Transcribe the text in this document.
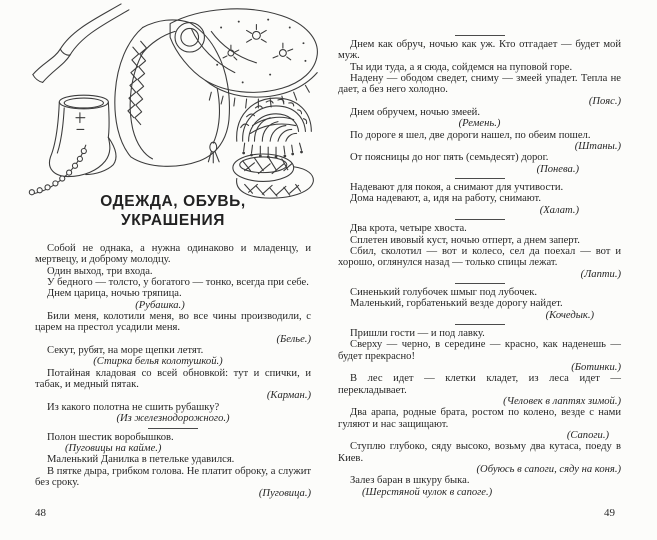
ОДЕЖДА, ОБУВЬ,
УКРАШЕНИЯ
Собой не однака, а нужна одинаково и младенцу, и мертвецу, и доброму молодцу.
Один выход, три входа.
У бедного — толсто, у богатого — тонко, всегда при себе.
Днем царица, ночью тряпица.
(Рубашка.)
Били меня, колотили меня, во все чины производили, с царем на престол усадили меня.
(Белье.)
Секут, рубят, на море щепки летят.
(Стирка белья колотушкой.)
Потайная кладовая со всей обновкой: тут и спички, и табак, и медный пятак.
(Карман.)
Из какого полотна не сшить рубашку?
(Из железнодорожного.)
Полон шестик воробышков.
(Пуговицы на кайме.)
Маленький Данилка в петельке удавился.
В пятке дыра, грибком голова. Не платит оброку, а служит без сроку.
(Пуговица.)
Днем как обруч, ночью как уж. Кто отгадает — будет мой муж.
Ты иди туда, а я сюда, сойдемся на пуповой горе.
Надену — ободом сведет, сниму — змеей упадет. Тепла не дает, а без него холодно.
(Пояс.)
Днем обручем, ночью змеей.
(Ремень.)
По дороге я шел, две дороги нашел, по обеим пошел.
(Штаны.)
От поясницы до ног пять (семьдесят) дорог.
(Понева.)
Надевают для покоя, а снимают для учтивости.
Дома надевают, а, идя на работу, снимают.
(Халат.)
Два крота, четыре хвоста.
Сплетен ивовый куст, ночью отперт, а днем заперт.
Сбил, сколотил — вот и колесо, сел да поехал — вот и хорошо, оглянулся назад — только спицы лежат.
(Лапти.)
Синенький голубочек шмыг под лубочек.
Маленький, горбатенький везде дорогу найдет.
(Кочедык.)
Пришли гости — и под лавку.
Сверху — черно, в середине — красно, как наденешь — будет прекрасно!
(Ботинки.)
В лес идет — клетки кладет, из леса идет — перекладывает.
(Человек в лаптях зимой.)
Два арапа, родные брата, ростом по колено, везде с нами гуляют и нас защищают.
(Сапоги.)
Ступлю глубоко, сяду высоко, возьму два кутаса, поеду в Киев.
(Обуюсь в сапоги, сяду на коня.)
Залез баран в шкуру быка.
(Шерстяной чулок в сапоге.)
48	49
